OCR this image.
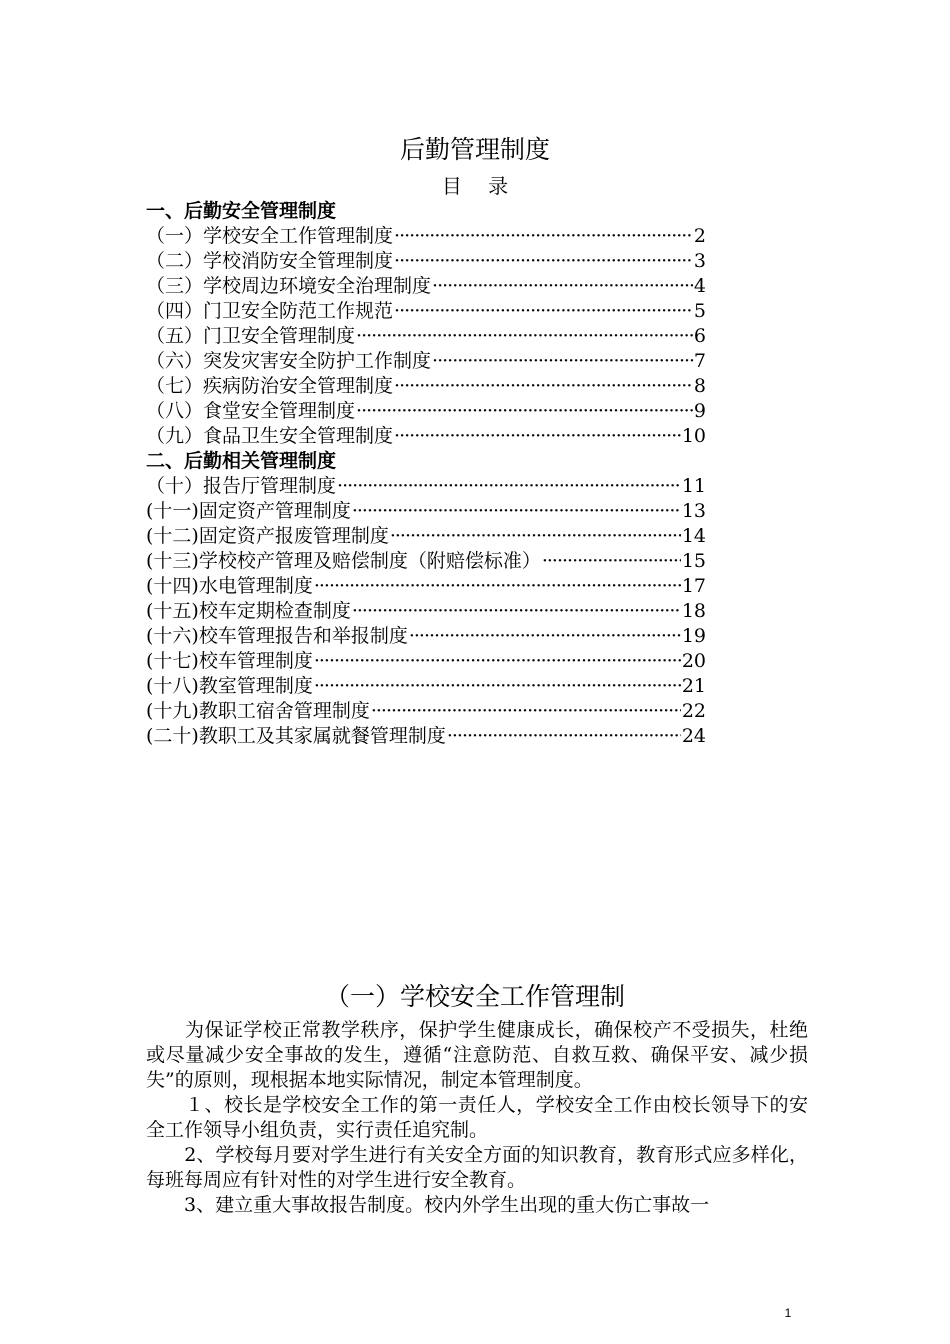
后勤管理制度
目 录
一、后勤安全管理制度
（一） 学校安全工作管理制度 ·····	2
（二） 学校消防安全管理制度 ·····	3
（三） 学校周边环境安全治理制度 ·····	4
（四） 门卫安全防范工作规范 ·····	5
（五） 门卫安全管理制度 ·····	6
（六） 突发灾害安全防护工作制度 ·····	7
（七） 疾病防治安全管理制度 ·····	8
（八） 食堂安全管理制度 ·····	9
（九） 食品卫生安全管理制度 ·····	10
二、后勤相关管理制度
（十） 报告厅管理制度 ·····	11
(十一) 固定资产管理制度 ·····	13
(十二) 固定资产报废管理制度 ·····	14
(十三) 学校校产管理及赔偿制度（附赔偿标准） ·····	15
(十四) 水电管理制度 ·····	17
(十五) 校车定期检查制度 ·····	18
(十六) 校车管理报告和举报制度 ·····	19
(十七) 校车管理制度 ·····	20
(十八) 教室管理制度 ·····	21
(十九) 教职工宿舍管理制度 ·····	22
(二十) 教职工及其家属就餐管理制度 ·····	24
（一）学校安全工作管理制

　　为保证学校正常教学秩序，保护学生健康成长，确保校产不受损失，杜绝或尽量减少安全事故的发生，遵循“注意防范、自救互救、确保平安、减少损失”的原则，现根据本地实际情况，制定本管理制度。

　　１、校长是学校安全工作的第一责任人，学校安全工作由校长领导下的安全工作领导小组负责，实行责任追究制。

　　2、学校每月要对学生进行有关安全方面的知识教育，教育形式应多样化，每班每周应有针对性的对学生进行安全教育。

　　3、建立重大事故报告制度。校内外学生出现的重大伤亡事故一

1
